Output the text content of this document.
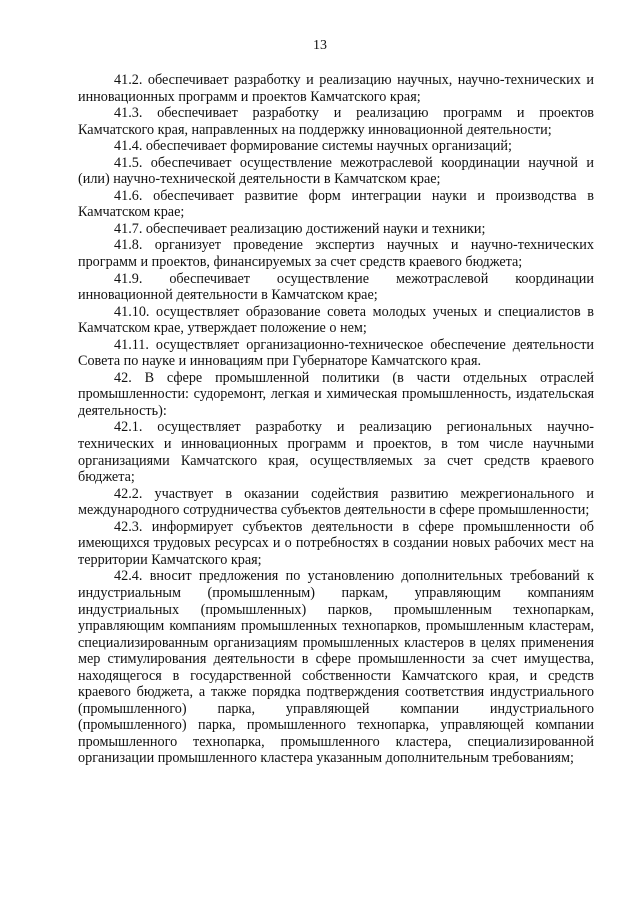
13

41.2. обеспечивает разработку и реализацию научных, научно-технических и инновационных программ и проектов Камчатского края;

41.3. обеспечивает разработку и реализацию программ и проектов Камчатского края, направленных на поддержку инновационной деятельности;

41.4. обеспечивает формирование системы научных организаций;

41.5. обеспечивает осуществление межотраслевой координации научной и (или) научно-технической деятельности в Камчатском крае;

41.6. обеспечивает развитие форм интеграции науки и производства в Камчатском крае;

41.7. обеспечивает реализацию достижений науки и техники;

41.8. организует проведение экспертиз научных и научно-технических программ и проектов, финансируемых за счет средств краевого бюджета;

41.9. обеспечивает осуществление межотраслевой координации инновационной деятельности в Камчатском крае;

41.10. осуществляет образование совета молодых ученых и специалистов в Камчатском крае, утверждает положение о нем;

41.11. осуществляет организационно-техническое обеспечение деятельности Совета по науке и инновациям при Губернаторе Камчатского края.

42. В сфере промышленной политики (в части отдельных отраслей промышленности: судоремонт, легкая и химическая промышленность, издательская деятельность):

42.1. осуществляет разработку и реализацию региональных научно-технических и инновационных программ и проектов, в том числе научными организациями Камчатского края, осуществляемых за счет средств краевого бюджета;

42.2. участвует в оказании содействия развитию межрегионального и международного сотрудничества субъектов деятельности в сфере промышленности;

42.3. информирует субъектов деятельности в сфере промышленности об имеющихся трудовых ресурсах и о потребностях в создании новых рабочих мест на территории Камчатского края;

42.4. вносит предложения по установлению дополнительных требований к индустриальным (промышленным) паркам, управляющим компаниям индустриальных (промышленных) парков, промышленным технопаркам, управляющим компаниям промышленных технопарков, промышленным кластерам, специализированным организациям промышленных кластеров в целях применения мер стимулирования деятельности в сфере промышленности за счет имущества, находящегося в государственной собственности Камчатского края, и средств краевого бюджета, а также порядка подтверждения соответствия индустриального (промышленного) парка, управляющей компании индустриального (промышленного) парка, промышленного технопарка, управляющей компании промышленного технопарка, промышленного кластера, специализированной организации промышленного кластера указанным дополнительным требованиям;
